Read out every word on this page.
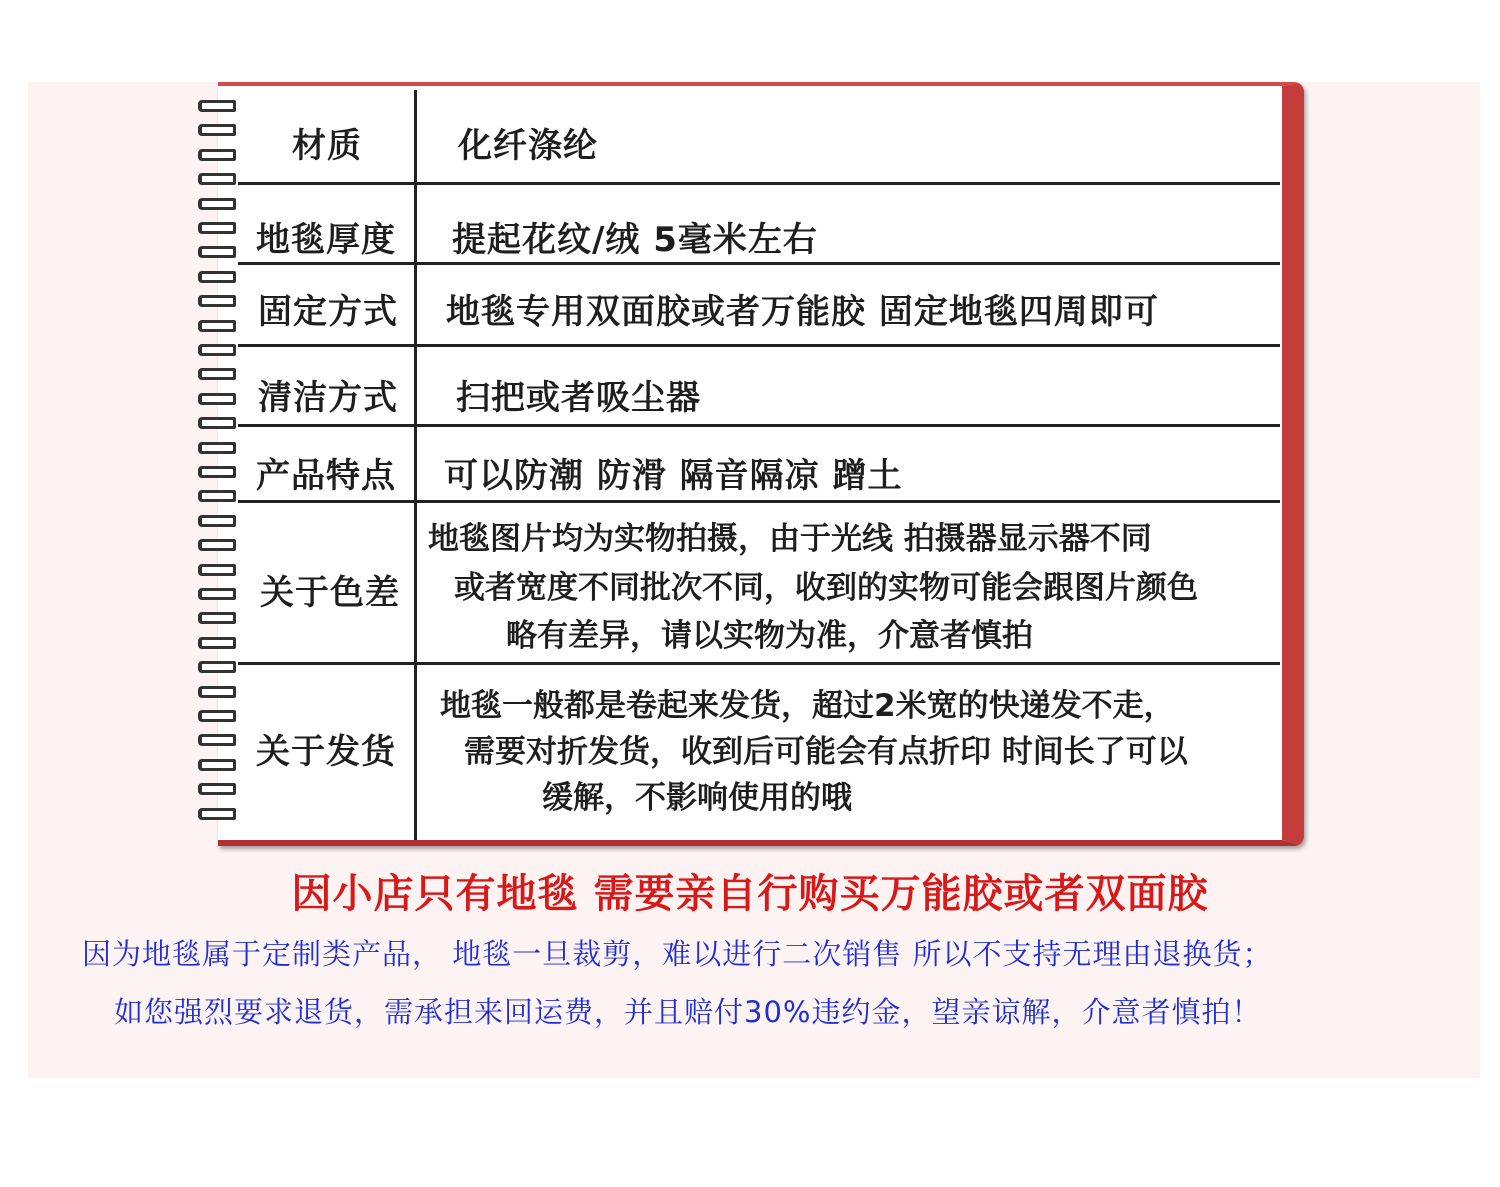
材质
地毯厚度
固定方式
清洁方式
产品特点
关于色差
关于发货
化纤涤纶
提起花纹/绒 5毫米左右
地毯专用双面胶或者万能胶 固定地毯四周即可
扫把或者吸尘器
可以防潮 防滑 隔音隔凉 蹭土
地毯图片均为实物拍摄，由于光线 拍摄器显示器不同
或者宽度不同批次不同，收到的实物可能会跟图片颜色
略有差异，请以实物为准，介意者慎拍
地毯一般都是卷起来发货，超过2米宽的快递发不走，
需要对折发货，收到后可能会有点折印 时间长了可以
缓解，不影响使用的哦
因小店只有地毯 需要亲自行购买万能胶或者双面胶
因为地毯属于定制类产品， 地毯一旦裁剪，难以进行二次销售 所以不支持无理由退换货；
如您强烈要求退货，需承担来回运费，并且赔付30%违约金，望亲谅解，介意者慎拍！
